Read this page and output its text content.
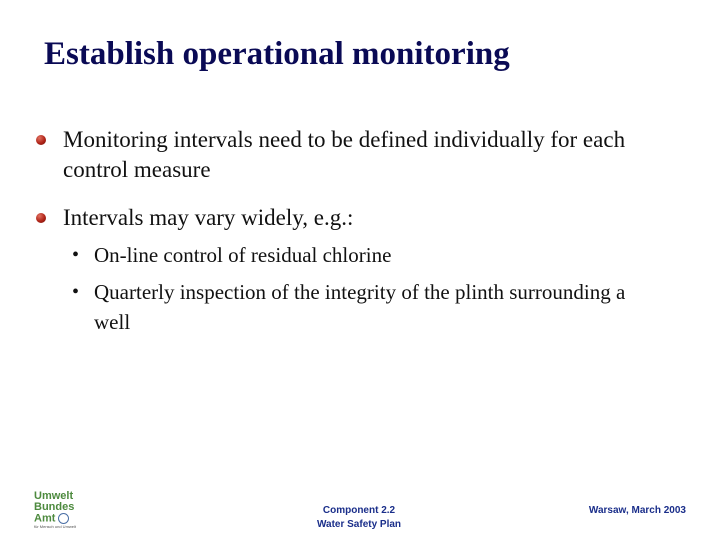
Establish operational monitoring
Monitoring intervals need to be defined individually for each control measure
Intervals may vary widely, e.g.:
• On-line control of residual chlorine
• Quarterly inspection of the integrity of the plinth surrounding a well
Umwelt
Bundes
Amt
für Mensch und Umwelt
Component 2.2
Water Safety Plan
Warsaw, March 2003
